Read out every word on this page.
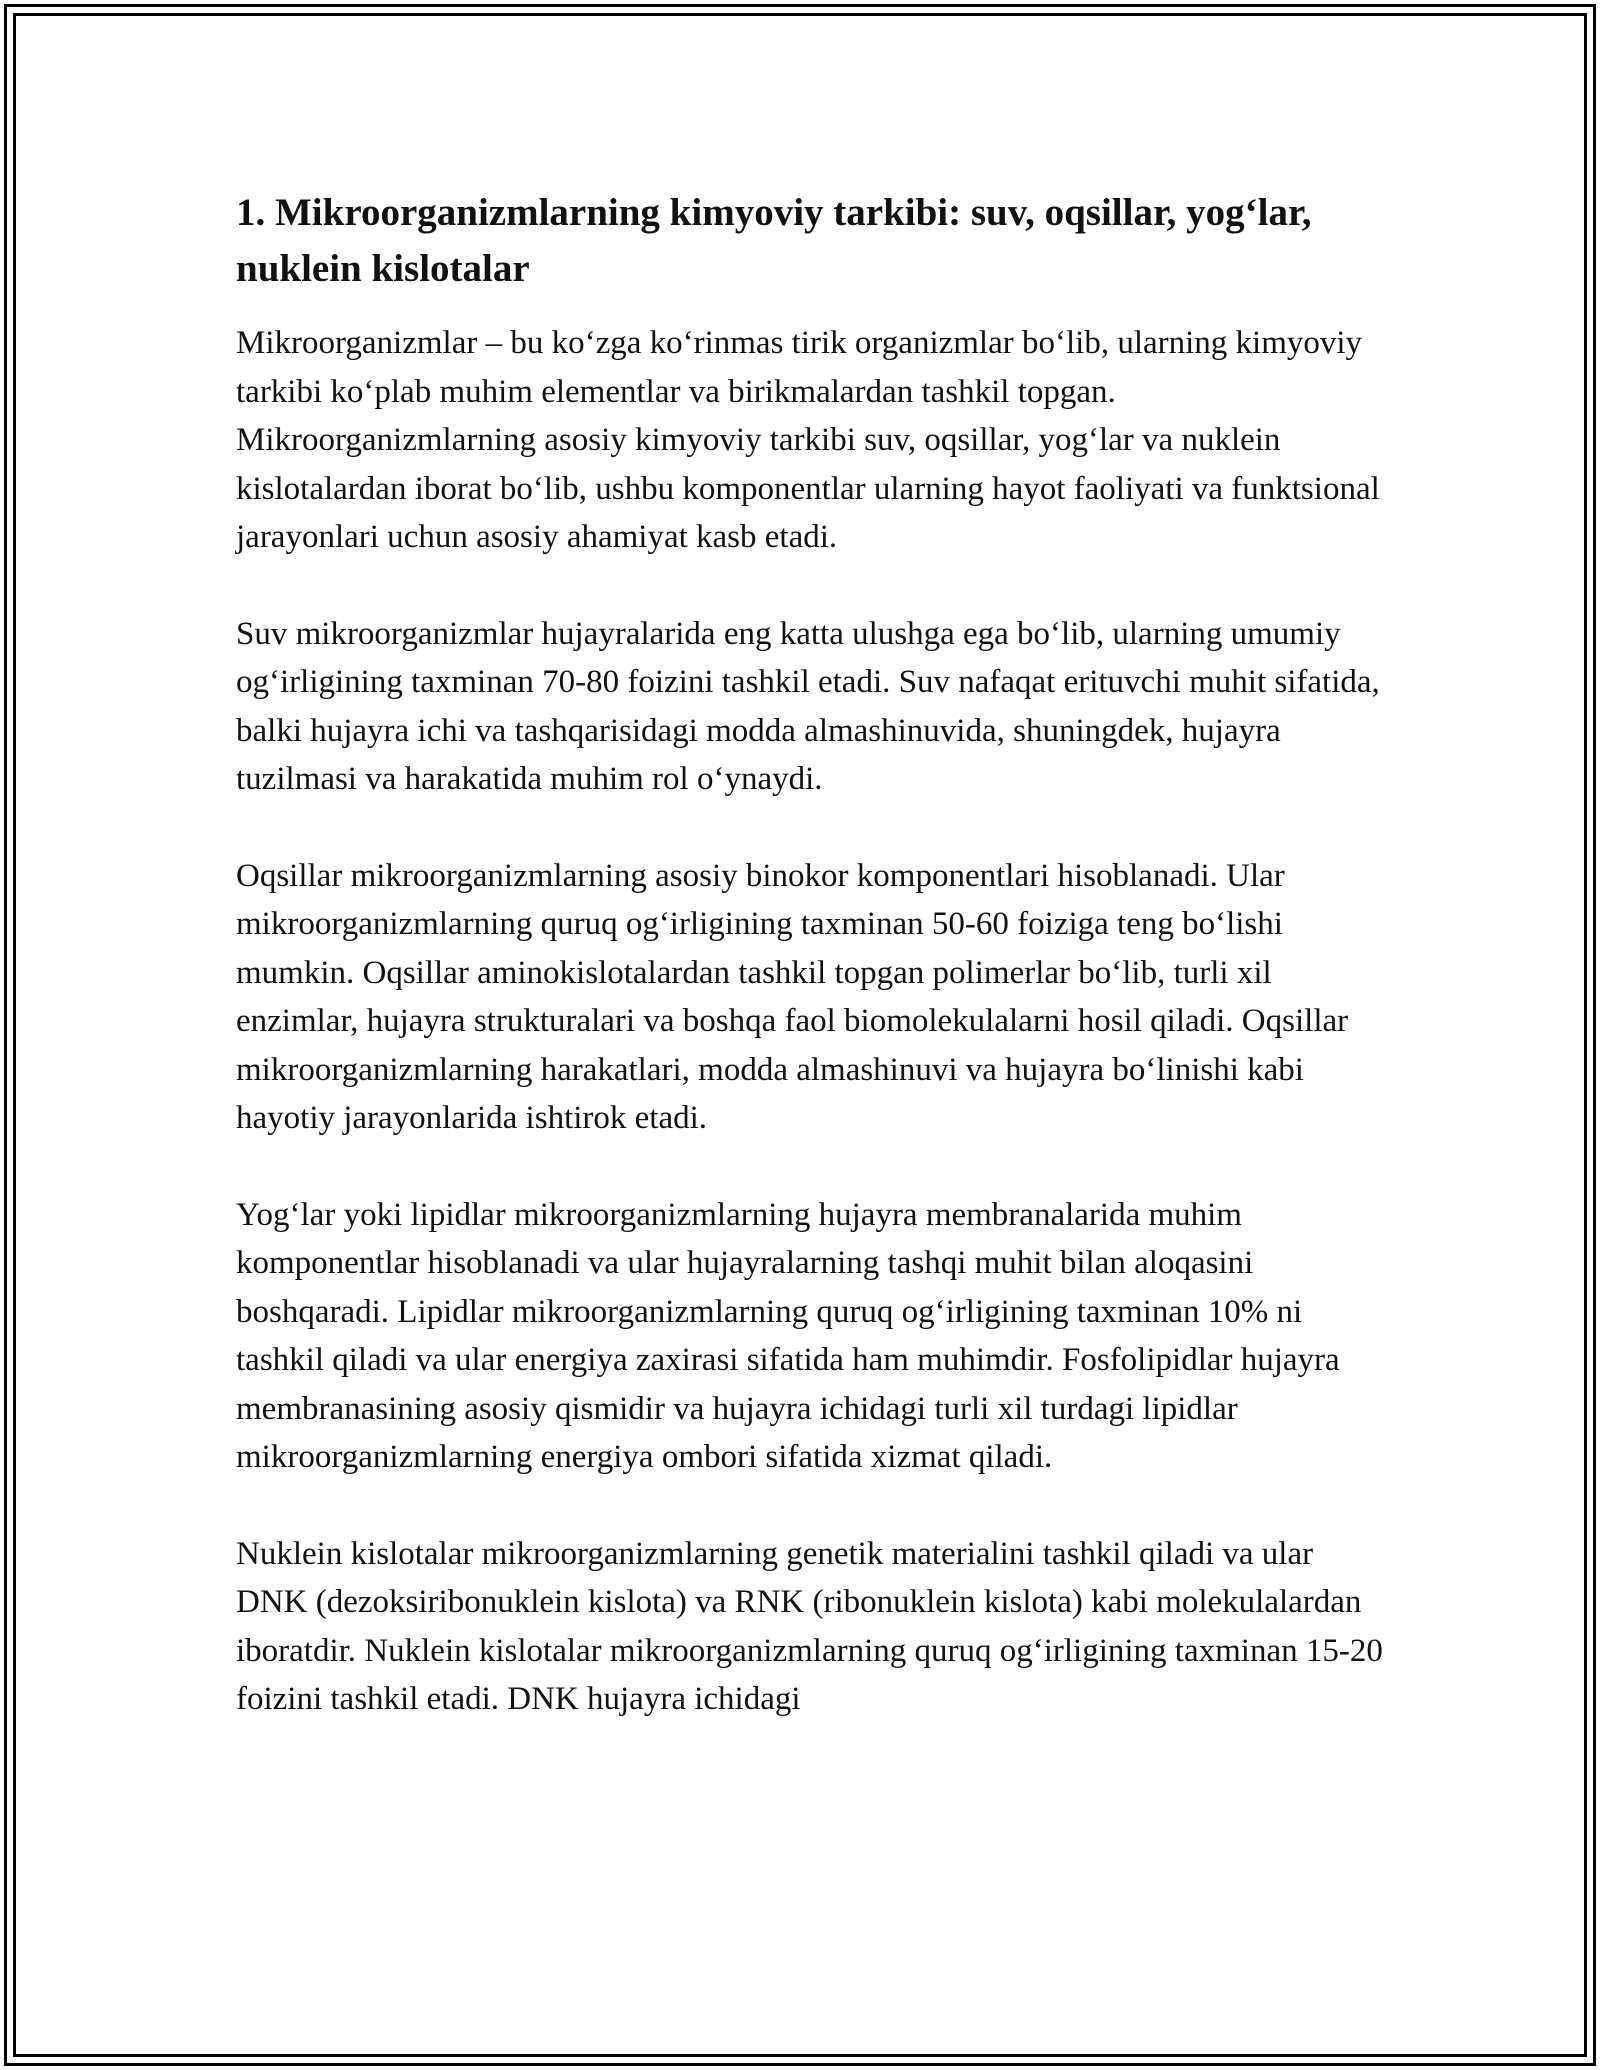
1. Mikroorganizmlarning kimyoviy tarkibi: suv, oqsillar, yog‘lar, nuklein kislotalar

Mikroorganizmlar – bu ko‘zga ko‘rinmas tirik organizmlar bo‘lib, ularning kimyoviy tarkibi ko‘plab muhim elementlar va birikmalardan tashkil topgan. Mikroorganizmlarning asosiy kimyoviy tarkibi suv, oqsillar, yog‘lar va nuklein kislotalardan iborat bo‘lib, ushbu komponentlar ularning hayot faoliyati va funktsional jarayonlari uchun asosiy ahamiyat kasb etadi.

Suv mikroorganizmlar hujayralarida eng katta ulushga ega bo‘lib, ularning umumiy og‘irligining taxminan 70-80 foizini tashkil etadi. Suv nafaqat erituvchi muhit sifatida, balki hujayra ichi va tashqarisidagi modda almashinuvida, shuningdek, hujayra tuzilmasi va harakatida muhim rol o‘ynaydi.

Oqsillar mikroorganizmlarning asosiy binokor komponentlari hisoblanadi. Ular mikroorganizmlarning quruq og‘irligining taxminan 50-60 foiziga teng bo‘lishi mumkin. Oqsillar aminokislotalardan tashkil topgan polimerlar bo‘lib, turli xil enzimlar, hujayra strukturalari va boshqa faol biomolekulalarni hosil qiladi. Oqsillar mikroorganizmlarning harakatlari, modda almashinuvi va hujayra bo‘linishi kabi hayotiy jarayonlarida ishtirok etadi.

Yog‘lar yoki lipidlar mikroorganizmlarning hujayra membranalarida muhim komponentlar hisoblanadi va ular hujayralarning tashqi muhit bilan aloqasini boshqaradi. Lipidlar mikroorganizmlarning quruq og‘irligining taxminan 10% ni tashkil qiladi va ular energiya zaxirasi sifatida ham muhimdir. Fosfolipidlar hujayra membranasining asosiy qismidir va hujayra ichidagi turli xil turdagi lipidlar mikroorganizmlarning energiya ombori sifatida xizmat qiladi.

Nuklein kislotalar mikroorganizmlarning genetik materialini tashkil qiladi va ular DNK (dezoksiribonuklein kislota) va RNK (ribonuklein kislota) kabi molekulalardan iboratdir. Nuklein kislotalar mikroorganizmlarning quruq og‘irligining taxminan 15-20 foizini tashkil etadi. DNK hujayra ichidagi
